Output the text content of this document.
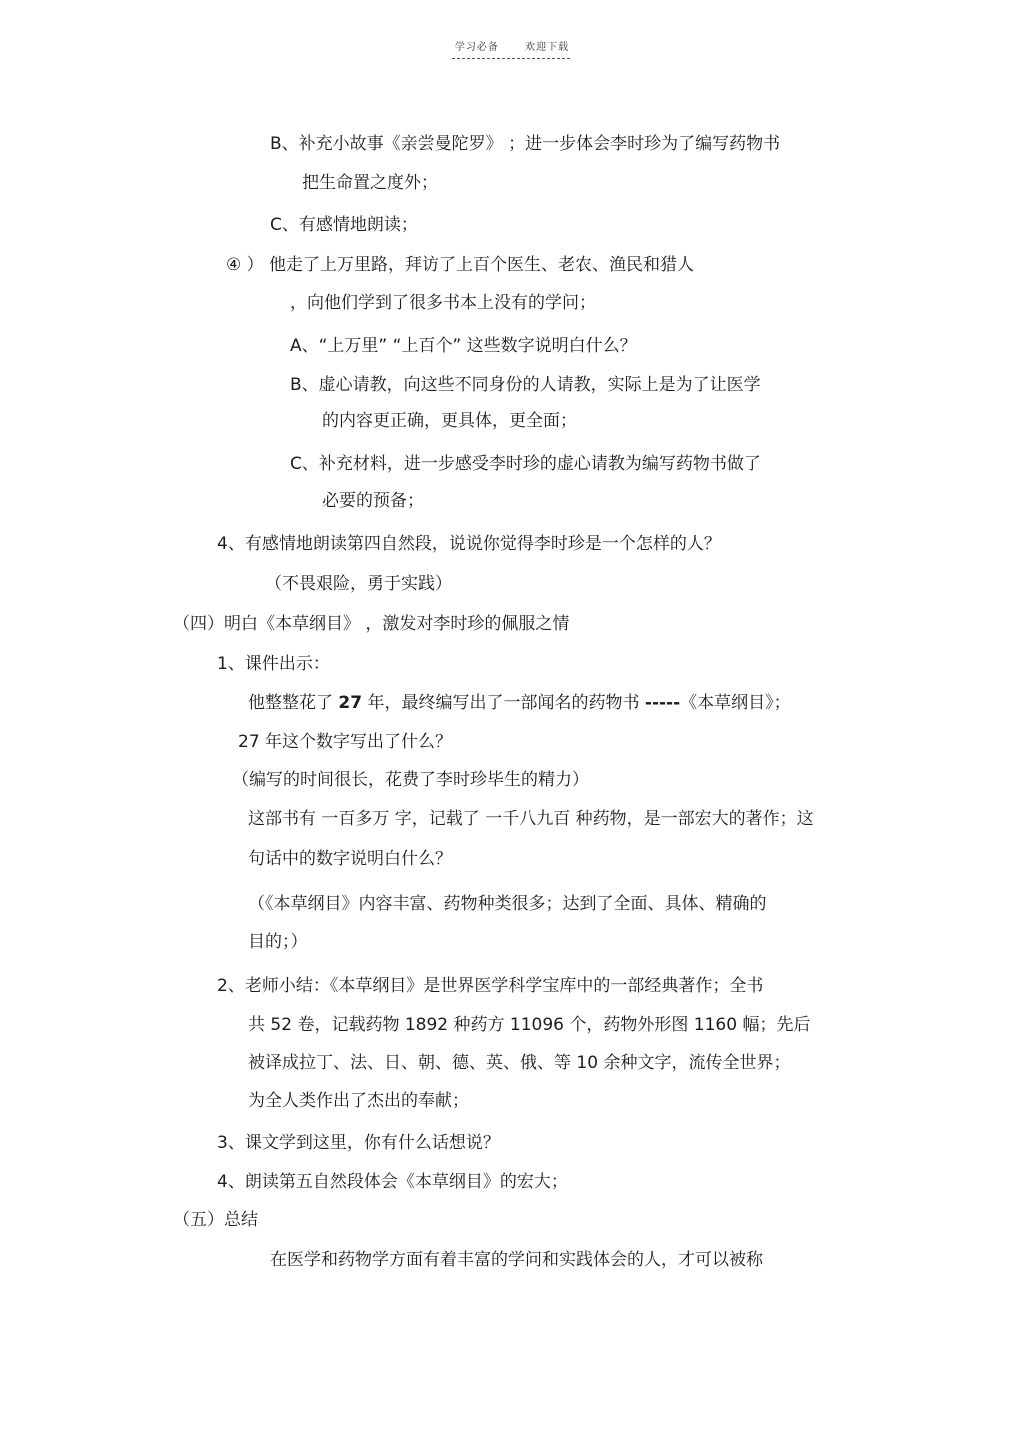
学习必备	欢迎下载
B、补充小故事《亲尝曼陀罗》 ；进一步体会李时珍为了编写药物书
把生命置之度外；
C、有感情地朗读；
④ ） 他走了上万里路，拜访了上百个医生、老农、渔民和猎人
，向他们学到了很多书本上没有的学问；
A、“上万里” “上百个” 这些数字说明白什么？
B、虚心请教，向这些不同身份的人请教，实际上是为了让医学
的内容更正确，更具体，更全面；
C、补充材料，进一步感受李时珍的虚心请教为编写药物书做了
必要的预备；
4、有感情地朗读第四自然段，说说你觉得李时珍是一个怎样的人？
（不畏艰险，勇于实践）
（四）明白《本草纲目》 ，激发对李时珍的佩服之情
1、课件出示：
他整整花了 27 年，最终编写出了一部闻名的药物书 -----《本草纲目》；
27 年这个数字写出了什么？
（编写的时间很长，花费了李时珍毕生的精力）
这部书有 一百多万 字，记载了 一千八九百 种药物，是一部宏大的著作；这
句话中的数字说明白什么？
（《本草纲目》内容丰富、药物种类很多；达到了全面、具体、精确的
目的；）
2、老师小结：《本草纲目》是世界医学科学宝库中的一部经典著作；全书
共 52 卷，记载药物 1892 种药方 11096 个，药物外形图 1160 幅；先后
被译成拉丁、法、日、朝、德、英、俄、等 10 余种文字，流传全世界；
为全人类作出了杰出的奉献；
3、课文学到这里，你有什么话想说？
4、朗读第五自然段体会《本草纲目》的宏大；
（五）总结
在医学和药物学方面有着丰富的学问和实践体会的人，才可以被称
